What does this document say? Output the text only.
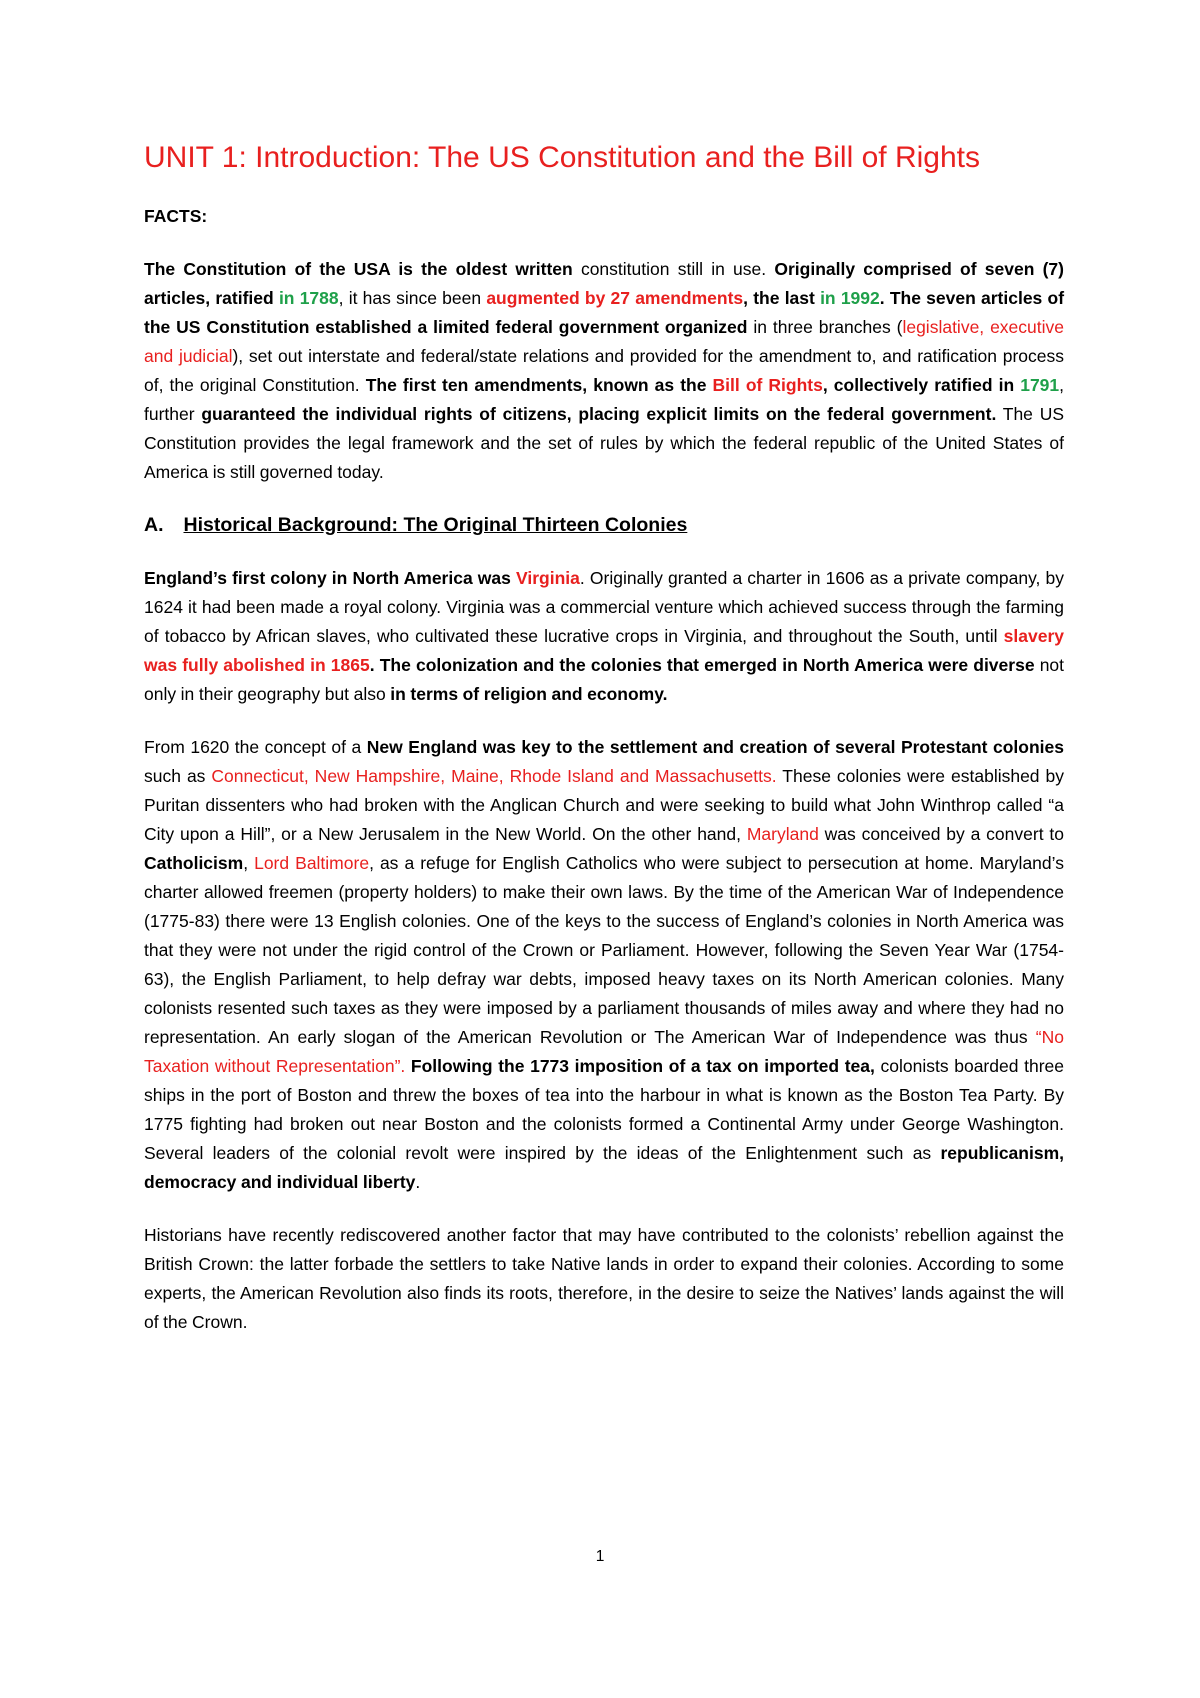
UNIT 1: Introduction: The US Constitution and the Bill of Rights
FACTS:

The Constitution of the USA is the oldest written constitution still in use. Originally comprised of seven (7) articles, ratified in 1788, it has since been augmented by 27 amendments, the last in 1992. The seven articles of the US Constitution established a limited federal government organized in three branches (legislative, executive and judicial), set out interstate and federal/state relations and provided for the amendment to, and ratification process of, the original Constitution. The first ten amendments, known as the Bill of Rights, collectively ratified in 1791, further guaranteed the individual rights of citizens, placing explicit limits on the federal government. The US Constitution provides the legal framework and the set of rules by which the federal republic of the United States of America is still governed today.

A. Historical Background: The Original Thirteen Colonies

England’s first colony in North America was Virginia. Originally granted a charter in 1606 as a private company, by 1624 it had been made a royal colony. Virginia was a commercial venture which achieved success through the farming of tobacco by African slaves, who cultivated these lucrative crops in Virginia, and throughout the South, until slavery was fully abolished in 1865. The colonization and the colonies that emerged in North America were diverse not only in their geography but also in terms of religion and economy.

From 1620 the concept of a New England was key to the settlement and creation of several Protestant colonies such as Connecticut, New Hampshire, Maine, Rhode Island and Massachusetts. These colonies were established by Puritan dissenters who had broken with the Anglican Church and were seeking to build what John Winthrop called “a City upon a Hill”, or a New Jerusalem in the New World. On the other hand, Maryland was conceived by a convert to Catholicism, Lord Baltimore, as a refuge for English Catholics who were subject to persecution at home. Maryland’s charter allowed freemen (property holders) to make their own laws. By the time of the American War of Independence (1775-83) there were 13 English colonies. One of the keys to the success of England’s colonies in North America was that they were not under the rigid control of the Crown or Parliament. However, following the Seven Year War (1754-63), the English Parliament, to help defray war debts, imposed heavy taxes on its North American colonies. Many colonists resented such taxes as they were imposed by a parliament thousands of miles away and where they had no representation. An early slogan of the American Revolution or The American War of Independence was thus “No Taxation without Representation”. Following the 1773 imposition of a tax on imported tea, colonists boarded three ships in the port of Boston and threw the boxes of tea into the harbour in what is known as the Boston Tea Party. By 1775 fighting had broken out near Boston and the colonists formed a Continental Army under George Washington. Several leaders of the colonial revolt were inspired by the ideas of the Enlightenment such as republicanism, democracy and individual liberty.

Historians have recently rediscovered another factor that may have contributed to the colonists’ rebellion against the British Crown: the latter forbade the settlers to take Native lands in order to expand their colonies. According to some experts, the American Revolution also finds its roots, therefore, in the desire to seize the Natives’ lands against the will of the Crown.

1
